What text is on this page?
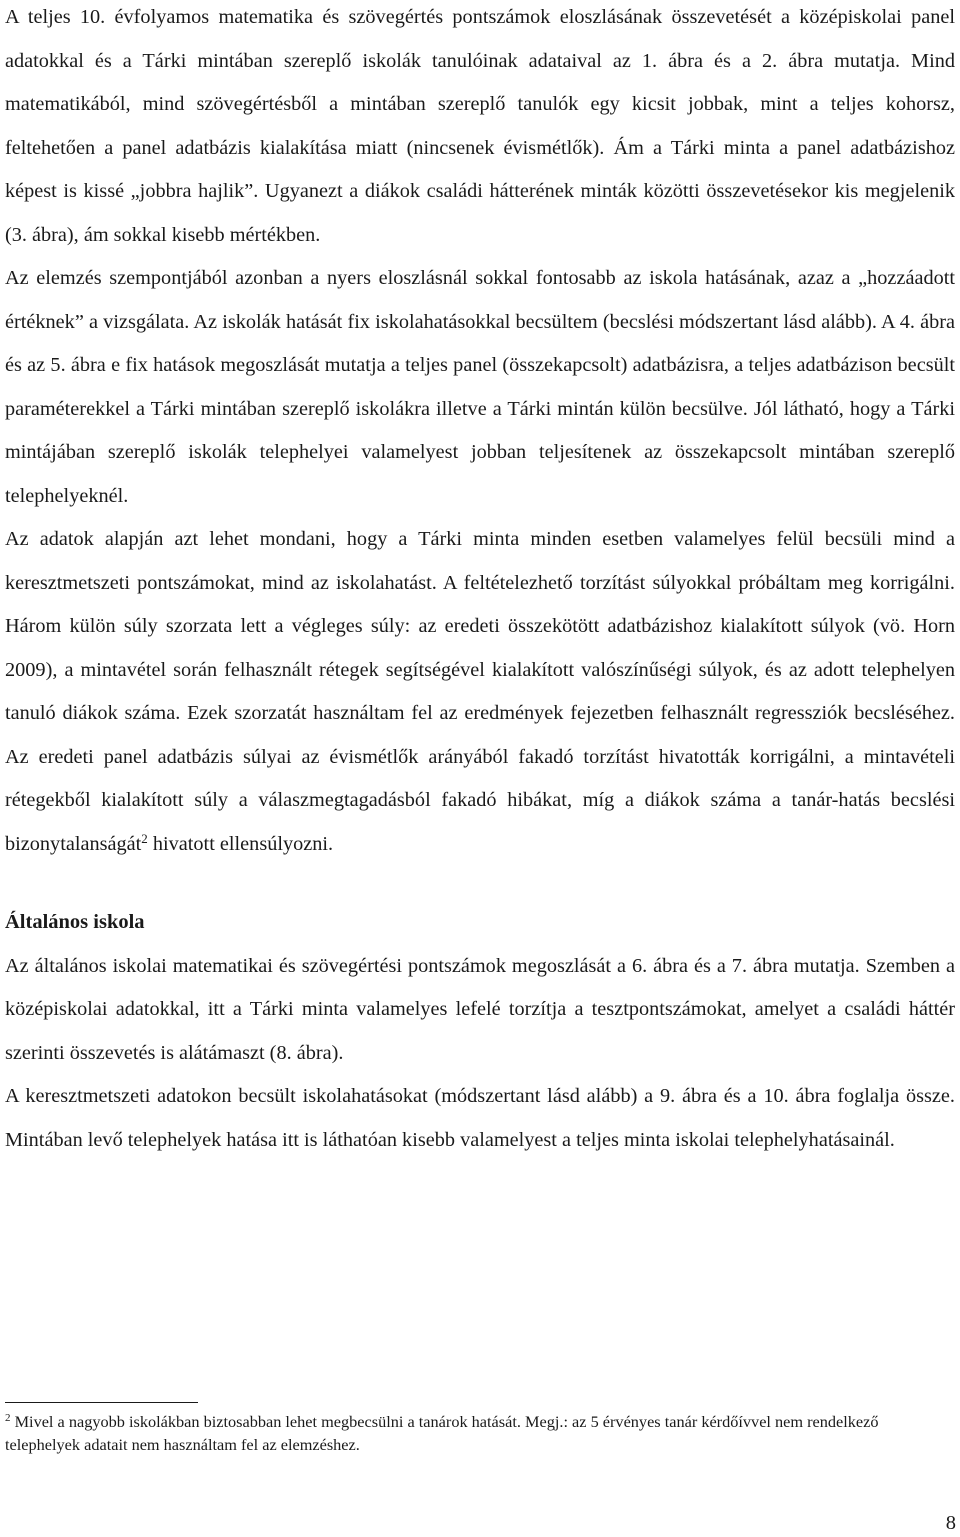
A teljes 10. évfolyamos matematika és szövegértés pontszámok eloszlásának összevetését a középiskolai panel adatokkal és a Tárki mintában szereplő iskolák tanulóinak adataival az 1. ábra és a 2. ábra mutatja. Mind matematikából, mind szövegértésből a mintában szereplő tanulók egy kicsit jobbak, mint a teljes kohorsz, feltehetően a panel adatbázis kialakítása miatt (nincsenek évismétlők). Ám a Tárki minta a panel adatbázishoz képest is kissé „jobbra hajlik”. Ugyanezt a diákok családi hátterének minták közötti összevetésekor kis megjelenik (3. ábra), ám sokkal kisebb mértékben.

Az elemzés szempontjából azonban a nyers eloszlásnál sokkal fontosabb az iskola hatásának, azaz a „hozzáadott értéknek” a vizsgálata. Az iskolák hatását fix iskolahatásokkal becsültem (becslési módszertant lásd alább). A 4. ábra és az 5. ábra e fix hatások megoszlását mutatja a teljes panel (összekapcsolt) adatbázisra, a teljes adatbázison becsült paraméterekkel a Tárki mintában szereplő iskolákra illetve a Tárki mintán külön becsülve. Jól látható, hogy a Tárki mintájában szereplő iskolák telephelyei valamelyest jobban teljesítenek az összekapcsolt mintában szereplő telephelyeknél.

Az adatok alapján azt lehet mondani, hogy a Tárki minta minden esetben valamelyes felül becsüli mind a keresztmetszeti pontszámokat, mind az iskolahatást. A feltételezhető torzítást súlyokkal próbáltam meg korrigálni. Három külön súly szorzata lett a végleges súly: az eredeti összekötött adatbázishoz kialakított súlyok (vö. Horn 2009), a mintavétel során felhasznált rétegek segítségével kialakított valószínűségi súlyok, és az adott telephelyen tanuló diákok száma. Ezek szorzatát használtam fel az eredmények fejezetben felhasznált regressziók becsléséhez. Az eredeti panel adatbázis súlyai az évismétlők arányából fakadó torzítást hivatották korrigálni, a mintavételi rétegekből kialakított súly a válaszmegtagadásból fakadó hibákat, míg a diákok száma a tanár-hatás becslési bizonytalanságát$^2$ hivatott ellensúlyozni.

Általános iskola

Az általános iskolai matematikai és szövegértési pontszámok megoszlását a 6. ábra és a 7. ábra mutatja. Szemben a középiskolai adatokkal, itt a Tárki minta valamelyes lefelé torzítja a tesztpontszámokat, amelyet a családi háttér szerinti összevetés is alátámaszt (8. ábra).

A keresztmetszeti adatokon becsült iskolahatásokat (módszertant lásd alább) a 9. ábra és a 10. ábra foglalja össze. Mintában levő telephelyek hatása itt is láthatóan kisebb valamelyest a teljes minta iskolai telephelyhatásainál.

$^2$ Mivel a nagyobb iskolákban biztosabban lehet megbecsülni a tanárok hatását. Megj.: az 5 érvényes tanár kérdőívvel nem rendelkező telephelyek adatait nem használtam fel az elemzéshez.
8
